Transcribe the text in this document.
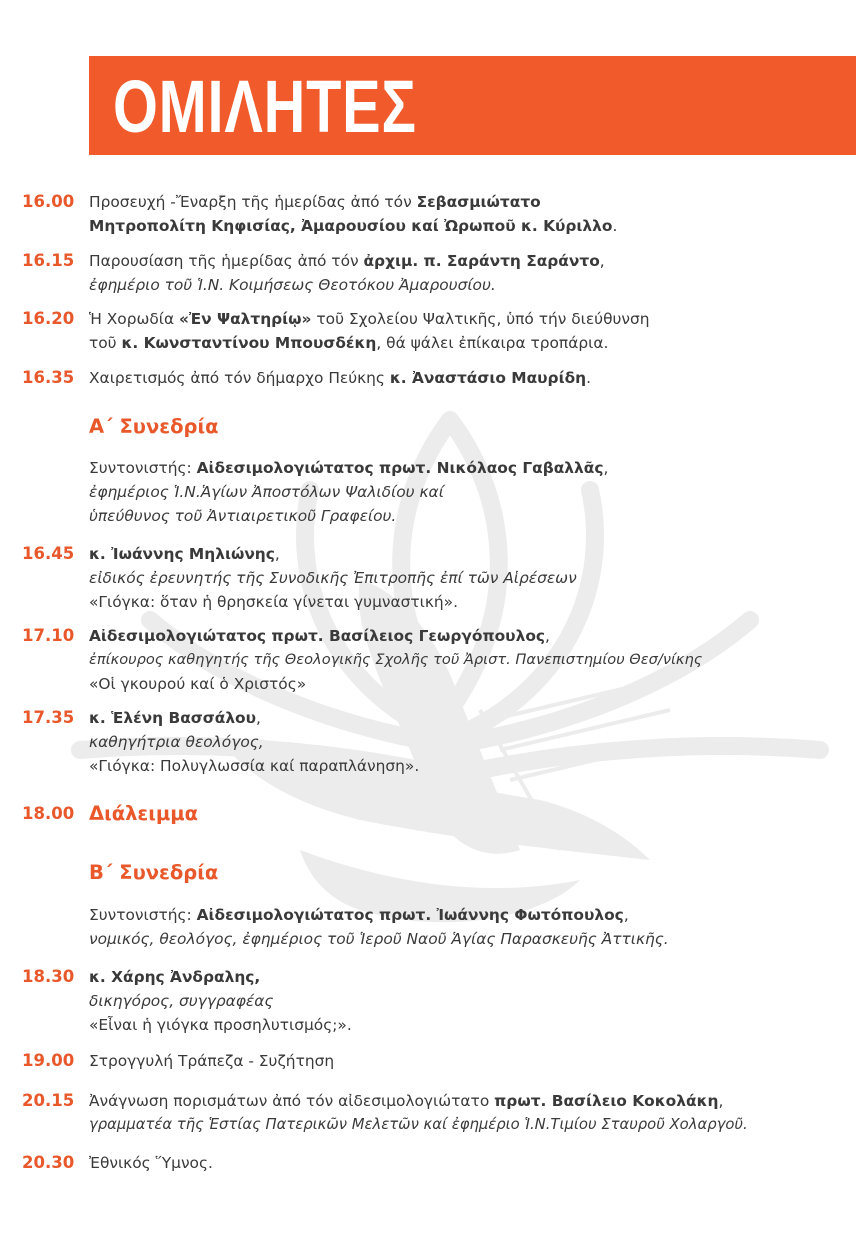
ΟΜΙΛΗΤΕΣ
16.00 Προσευχή -Ἔναρξη τῆς ἡμερίδας ἀπό τόν Σεβασμιώτατο
Μητροπολίτη Κηφισίας, Ἀμαρουσίου καί Ὠρωποῦ κ. Κύριλλο.
16.15 Παρουσίαση τῆς ἡμερίδας ἀπό τόν ἀρχιμ. π. Σαράντη Σαράντο,
ἐφημέριο τοῦ Ἱ.Ν. Κοιμήσεως Θεοτόκου Ἀμαρουσίου.
16.20 Ἡ Χορωδία «Ἐν Ψαλτηρίῳ» τοῦ Σχολείου Ψαλτικῆς, ὑπό τήν διεύθυνση
τοῦ κ. Κωνσταντίνου Μπουσδέκη, θά ψάλει ἐπίκαιρα τροπάρια.
16.35 Χαιρετισμός ἀπό τόν δήμαρχο Πεύκης κ. Ἀναστάσιο Μαυρίδη.
Α΄ Συνεδρία
Συντονιστής: Αἰδεσιμολογιώτατος πρωτ. Νικόλαος Γαβαλλᾶς,
ἐφημέριος Ἱ.Ν.Ἁγίων Ἀποστόλων Ψαλιδίου καί
ὑπεύθυνος τοῦ Ἀντιαιρετικοῦ Γραφείου.
16.45 κ. Ἰωάννης Μηλιώνης,
εἰδικός ἐρευνητής τῆς Συνοδικῆς Ἐπιτροπῆς ἐπί τῶν Αἱρέσεων
«Γιόγκα: ὅταν ἡ θρησκεία γίνεται γυμναστική».
17.10 Αἰδεσιμολογιώτατος πρωτ. Βασίλειος Γεωργόπουλος,
ἐπίκουρος καθηγητής τῆς Θεολογικῆς Σχολῆς τοῦ Ἀριστ. Πανεπιστημίου Θεσ/νίκης
«Οἱ γκουρού καί ὁ Χριστός»
17.35 κ. Ἑλένη Βασσάλου,
καθηγήτρια θεολόγος,
«Γιόγκα: Πολυγλωσσία καί παραπλάνηση».
18.00 Διάλειμμα
Β΄ Συνεδρία
Συντονιστής: Αἰδεσιμολογιώτατος πρωτ. Ἰωάννης Φωτόπουλος,
νομικός, θεολόγος, ἐφημέριος τοῦ Ἱεροῦ Ναοῦ Ἁγίας Παρασκευῆς Ἀττικῆς.
18.30 κ. Χάρης Ἀνδραλης,
δικηγόρος, συγγραφέας
«Εἶναι ἡ γιόγκα προσηλυτισμός;».
19.00 Στρογγυλή Τράπεζα - Συζήτηση
20.15 Ἀνάγνωση πορισμάτων ἀπό τόν αἰδεσιμολογιώτατο πρωτ. Βασίλειο Κοκολάκη,
γραμματέα τῆς Ἑστίας Πατερικῶν Μελετῶν καί ἐφημέριο Ἱ.Ν.Τιμίου Σταυροῦ Χολαργοῦ.
20.30 Ἐθνικός Ὕμνος.
